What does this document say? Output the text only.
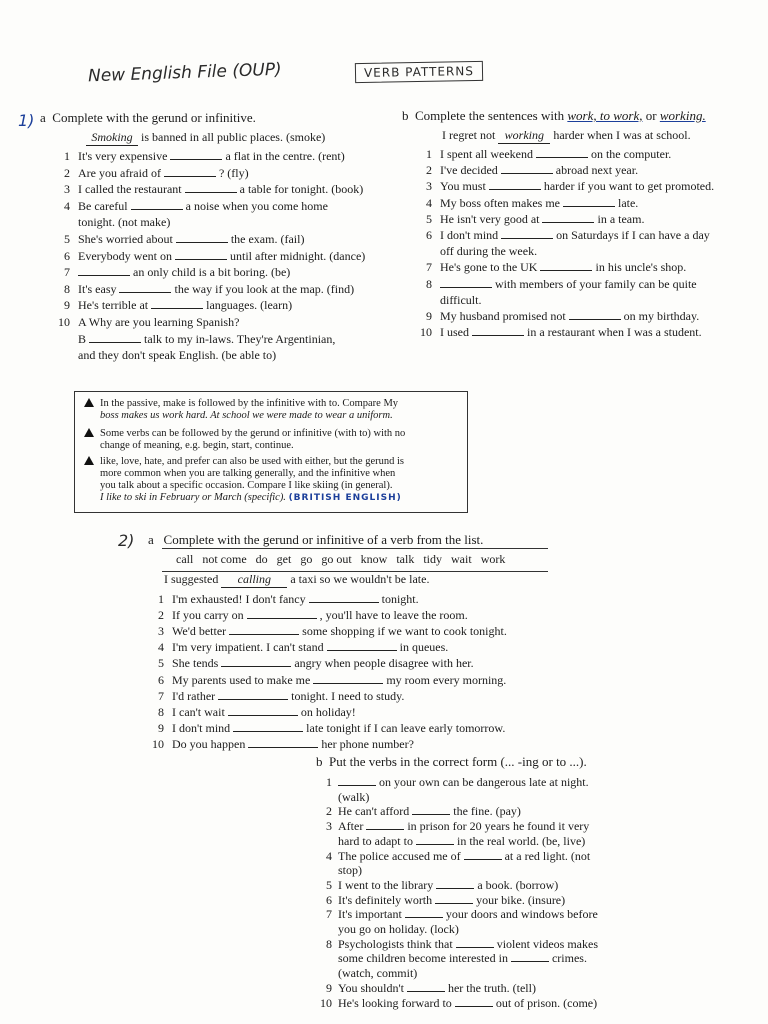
New English File (OUP)	VERB PATTERNS
1) a Complete with the gerund or infinitive.
Smoking is banned in all public places. (smoke)
1 It's very expensive	a flat in the centre. (rent)
2 Are you afraid of	? (fly)
3 I called the restaurant	a table for tonight. (book)
4 Be careful	a noise when you come home
tonight. (not make)
5 She's worried about	the exam. (fail)
6 Everybody went on	until after midnight. (dance)
7	an only child is a bit boring. (be)
8 It's easy	the way if you look at the map. (find)
9 He's terrible at	languages. (learn)
10 A Why are you learning Spanish?
B	talk to my in-laws. They're Argentinian,
and they don't speak English. (be able to)
b Complete the sentences with work, to work, or working.
I regret not working harder when I was at school.
1 I spent all weekend	on the computer.
2 I've decided	abroad next year.
3 You must	harder if you want to get promoted.
4 My boss often makes me	late.
5 He isn't very good at	in a team.
6 I don't mind	on Saturdays if I can have a day
off during the week.
7 He's gone to the UK	in his uncle's shop.
8	with members of your family can be quite
difficult.
9 My husband promised not	on my birthday.
10 I used	in a restaurant when I was a student.
In the passive, make is followed by the infinitive with to. Compare My
boss makes us work hard. At school we were made to wear a uniform.
Some verbs can be followed by the gerund or infinitive (with to) with no
change of meaning, e.g. begin, start, continue.
like, love, hate, and prefer can also be used with either, but the gerund is
more common when you are talking generally, and the infinitive when
you talk about a specific occasion. Compare I like skiing (in general).
I like to ski in February or March (specific). (BRITISH ENGLISH)
2) a Complete with the gerund or infinitive of a verb from the list.
call not come do get go go out know talk tidy wait work
I suggested calling a taxi so we wouldn't be late.
1 I'm exhausted! I don't fancy	tonight.
2 If you carry on	, you'll have to leave the room.
3 We'd better	some shopping if we want to cook tonight.
4 I'm very impatient. I can't stand	in queues.
5 She tends	angry when people disagree with her.
6 My parents used to make me	my room every morning.
7 I'd rather	tonight. I need to study.
8 I can't wait	on holiday!
9 I don't mind	late tonight if I can leave early tomorrow.
10 Do you happen	her phone number?
b Put the verbs in the correct form (... -ing or to ...).
1	on your own can be dangerous late at night.
(walk)
2 He can't afford	the fine. (pay)
3 After	in prison for 20 years he found it very
hard to adapt to	in the real world. (be, live)
4 The police accused me of	at a red light. (not
stop)
5 I went to the library	a book. (borrow)
6 It's definitely worth	your bike. (insure)
7 It's important	your doors and windows before
you go on holiday. (lock)
8 Psychologists think that	violent videos makes
some children become interested in	crimes.
(watch, commit)
9 You shouldn't	her the truth. (tell)
10 He's looking forward to	out of prison. (come)
